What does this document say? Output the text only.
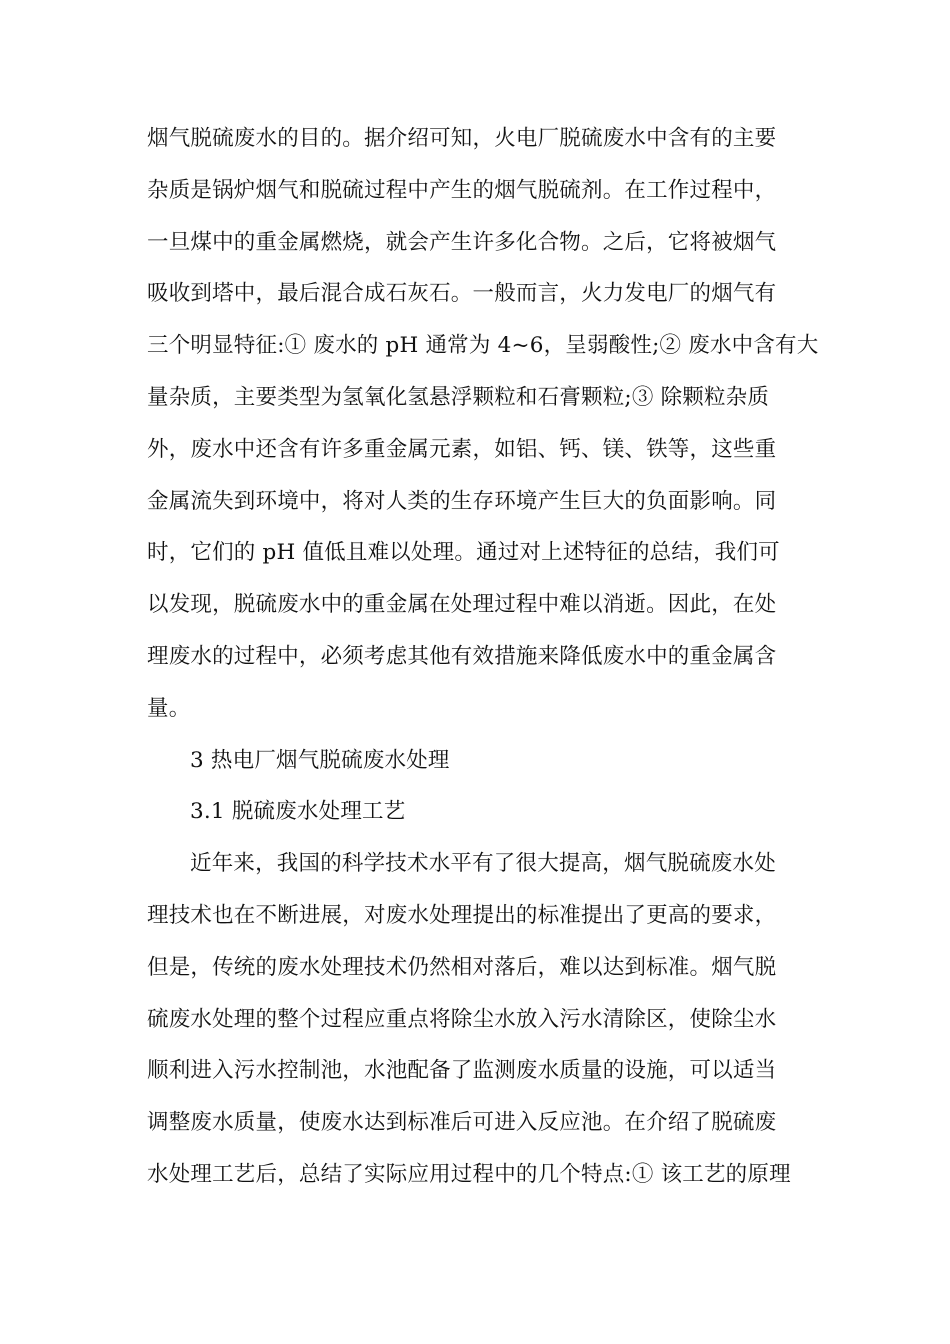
烟气脱硫废水的目的。据介绍可知，火电厂脱硫废水中含有的主要
杂质是锅炉烟气和脱硫过程中产生的烟气脱硫剂。在工作过程中，
一旦煤中的重金属燃烧，就会产生许多化合物。之后，它将被烟气
吸收到塔中，最后混合成石灰石。一般而言，火力发电厂的烟气有
三个明显特征:① 废水的 pH 通常为 4~6，呈弱酸性;② 废水中含有大
量杂质，主要类型为氢氧化氢悬浮颗粒和石膏颗粒;③ 除颗粒杂质
外，废水中还含有许多重金属元素，如铝、钙、镁、铁等，这些重
金属流失到环境中，将对人类的生存环境产生巨大的负面影响。同
时，它们的 pH 值低且难以处理。通过对上述特征的总结，我们可
以发现，脱硫废水中的重金属在处理过程中难以消逝。因此，在处
理废水的过程中，必须考虑其他有效措施来降低废水中的重金属含
量。
3 热电厂烟气脱硫废水处理
3.1 脱硫废水处理工艺
近年来，我国的科学技术水平有了很大提高，烟气脱硫废水处
理技术也在不断进展，对废水处理提出的标准提出了更高的要求，
但是，传统的废水处理技术仍然相对落后，难以达到标准。烟气脱
硫废水处理的整个过程应重点将除尘水放入污水清除区，使除尘水
顺利进入污水控制池，水池配备了监测废水质量的设施，可以适当
调整废水质量，使废水达到标准后可进入反应池。在介绍了脱硫废
水处理工艺后，总结了实际应用过程中的几个特点:① 该工艺的原理
